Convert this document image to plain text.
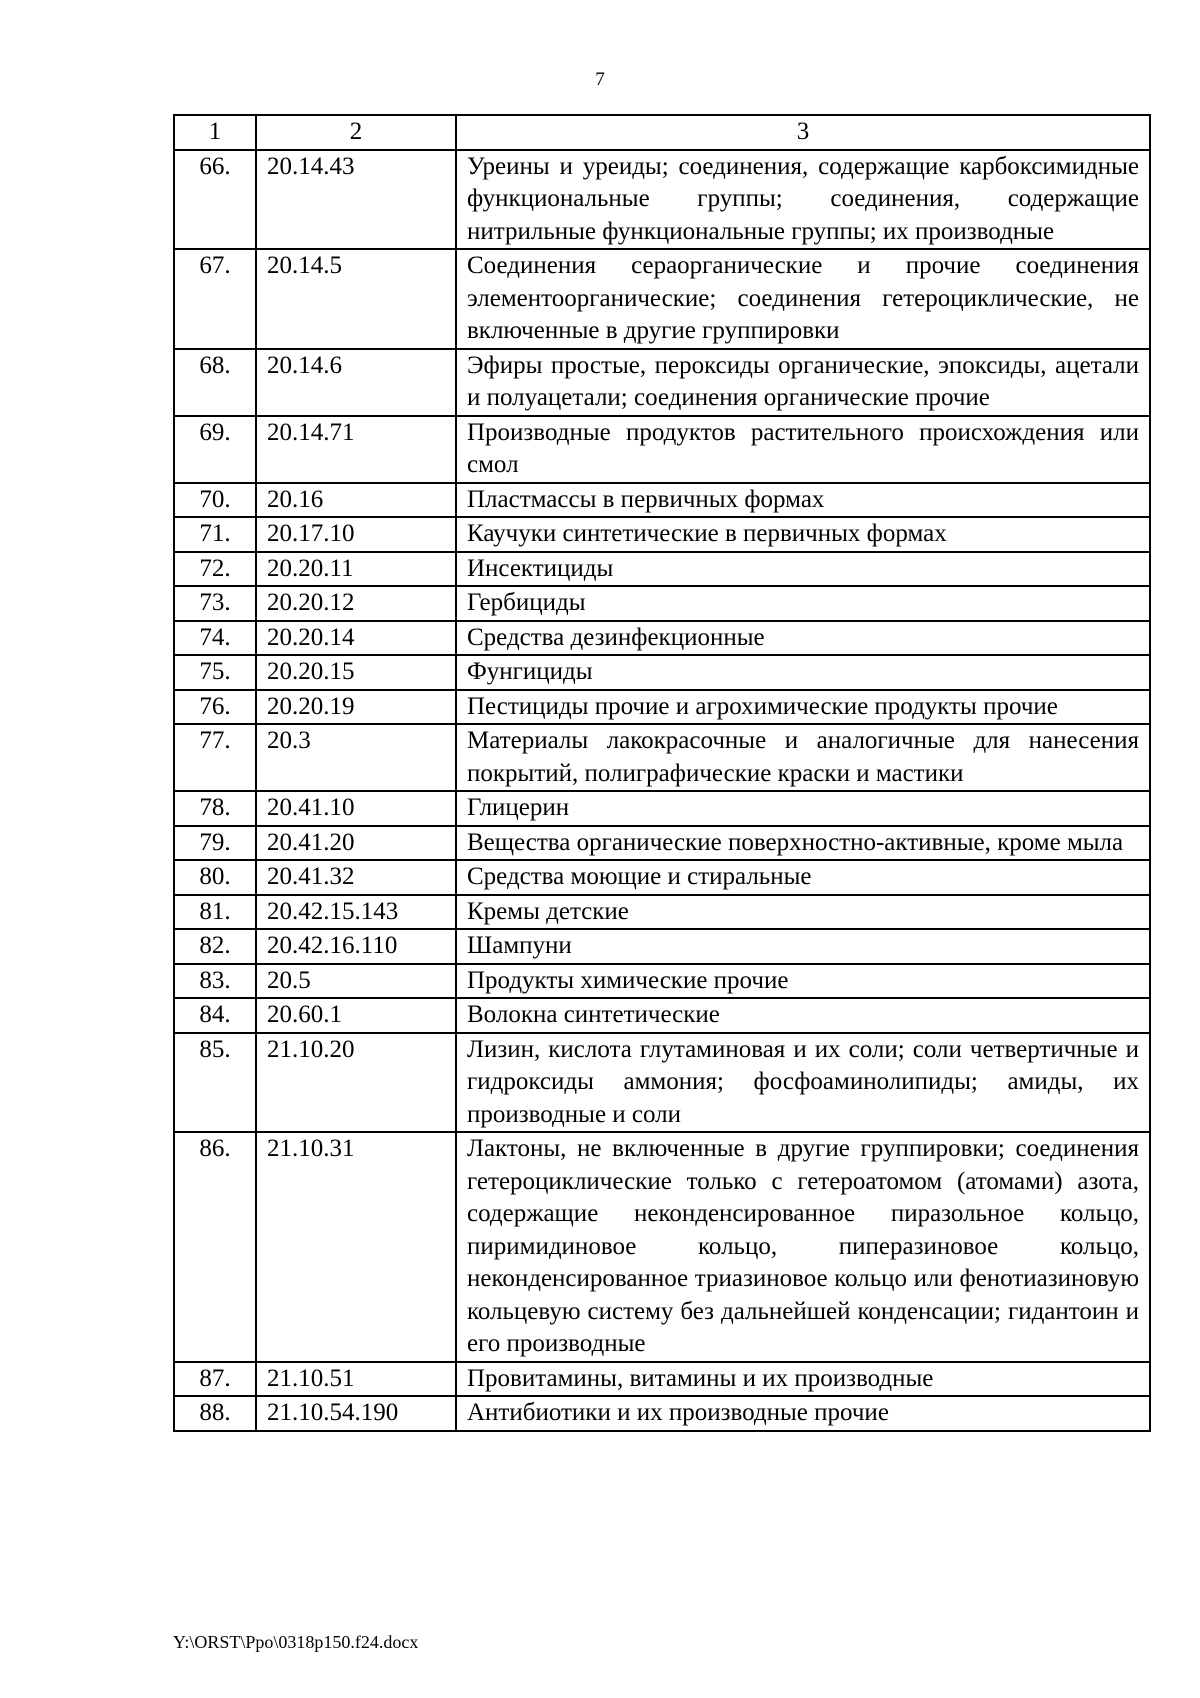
7
1	2	3
66.	20.14.43	Уреины и уреиды; соединения, содержащие карбоксимидные функциональные группы; соединения, содержащие нитрильные функциональные группы; их производные
67.	20.14.5	Соединения сераорганические и прочие соединения элементоорганические; соединения гетероциклические, не включенные в другие группировки
68.	20.14.6	Эфиры простые, пероксиды органические, эпоксиды, ацетали и полуацетали; соединения органические прочие
69.	20.14.71	Производные продуктов растительного происхождения или смол
70.	20.16	Пластмассы в первичных формах
71.	20.17.10	Каучуки синтетические в первичных формах
72.	20.20.11	Инсектициды
73.	20.20.12	Гербициды
74.	20.20.14	Средства дезинфекционные
75.	20.20.15	Фунгициды
76.	20.20.19	Пестициды прочие и агрохимические продукты прочие
77.	20.3	Материалы лакокрасочные и аналогичные для нанесения покрытий, полиграфические краски и мастики
78.	20.41.10	Глицерин
79.	20.41.20	Вещества органические поверхностно-активные, кроме мыла
80.	20.41.32	Средства моющие и стиральные
81.	20.42.15.143	Кремы детские
82.	20.42.16.110	Шампуни
83.	20.5	Продукты химические прочие
84.	20.60.1	Волокна синтетические
85.	21.10.20	Лизин, кислота глутаминовая и их соли; соли четвертичные и гидроксиды аммония; фосфоаминолипиды; амиды, их производные и соли
86.	21.10.31	Лактоны, не включенные в другие группировки; соединения гетероциклические только с гетероатомом (атомами) азота, содержащие неконденсированное пиразольное кольцо, пиримидиновое кольцо, пиперазиновое кольцо, неконденсированное триазиновое кольцо или фенотиазиновую кольцевую систему без дальнейшей конденсации; гидантоин и его производные
87.	21.10.51	Провитамины, витамины и их производные
88.	21.10.54.190	Антибиотики и их производные прочие
Y:\ORST\Ppo\0318p150.f24.docx
